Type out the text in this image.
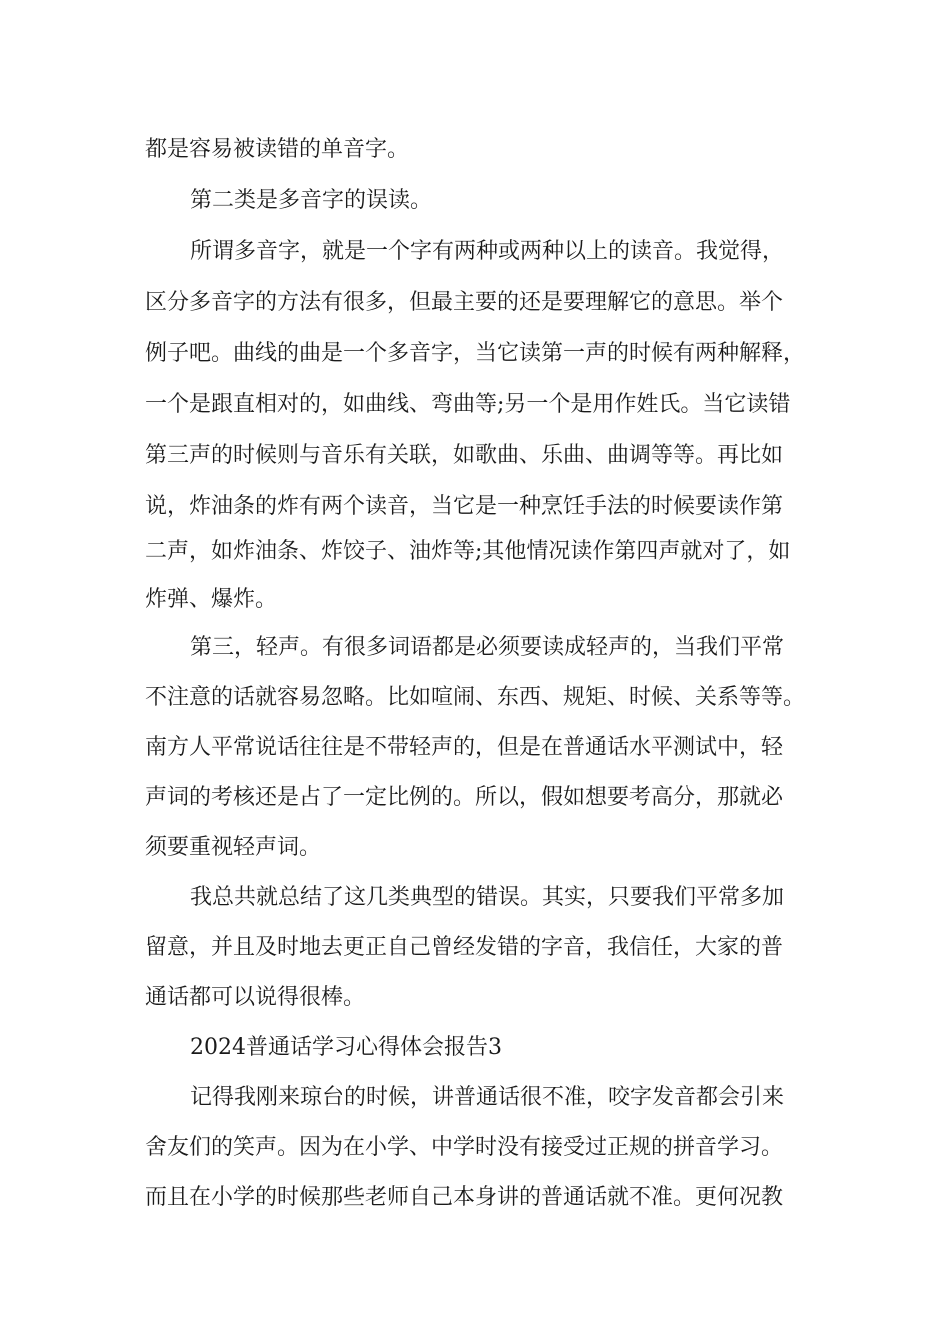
都是容易被读错的单音字。
第二类是多音字的误读。
所谓多音字，就是一个字有两种或两种以上的读音。我觉得，
区分多音字的方法有很多，但最主要的还是要理解它的意思。举个
例子吧。曲线的曲是一个多音字，当它读第一声的时候有两种解释，
一个是跟直相对的，如曲线、弯曲等;另一个是用作姓氏。当它读错
第三声的时候则与音乐有关联，如歌曲、乐曲、曲调等等。再比如
说，炸油条的炸有两个读音，当它是一种烹饪手法的时候要读作第
二声，如炸油条、炸饺子、油炸等;其他情况读作第四声就对了，如
炸弹、爆炸。
第三，轻声。有很多词语都是必须要读成轻声的，当我们平常
不注意的话就容易忽略。比如喧闹、东西、规矩、时候、关系等等。
南方人平常说话往往是不带轻声的，但是在普通话水平测试中，轻
声词的考核还是占了一定比例的。所以，假如想要考高分，那就必
须要重视轻声词。
我总共就总结了这几类典型的错误。其实，只要我们平常多加
留意，并且及时地去更正自己曾经发错的字音，我信任，大家的普
通话都可以说得很棒。
2024普通话学习心得体会报告3
记得我刚来琼台的时候，讲普通话很不准，咬字发音都会引来
舍友们的笑声。因为在小学、中学时没有接受过正规的拼音学习。
而且在小学的时候那些老师自己本身讲的普通话就不准。更何况教
